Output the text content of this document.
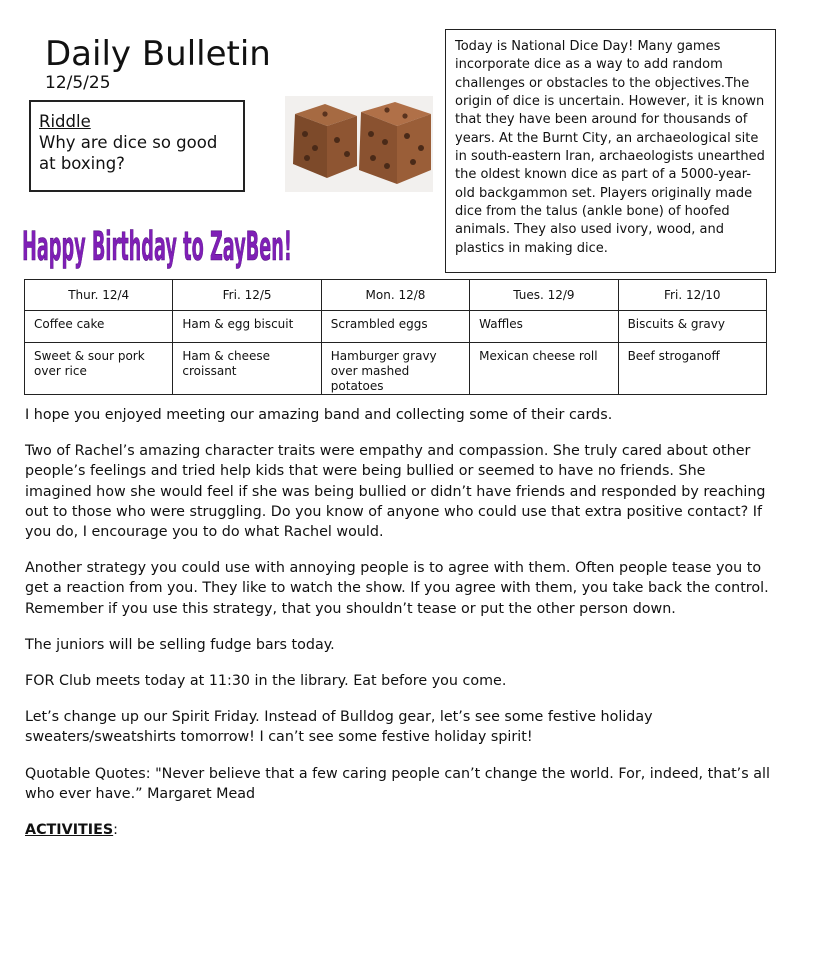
Daily Bulletin
12/5/25
Riddle
Why are dice so good at boxing?
Happy Birthday to ZayBen!
Today is National Dice Day! Many games incorporate dice as a way to add random challenges or obstacles to the objectives.The origin of dice is uncertain. However, it is known that they have been around for thousands of years. At the Burnt City, an archaeological site in south-eastern Iran, archaeologists unearthed the oldest known dice as part of a 5000-year-old backgammon set. Players originally made dice from the talus (ankle bone) of hoofed animals. They also used ivory, wood, and plastics in making dice.
Thur. 12/4	Fri. 12/5	Mon. 12/8	Tues. 12/9	Fri. 12/10
Coffee cake	Ham & egg biscuit	Scrambled eggs	Waffles	Biscuits & gravy
Sweet & sour pork over rice	Ham & cheese croissant	Hamburger gravy over mashed potatoes	Mexican cheese roll	Beef stroganoff

I hope you enjoyed meeting our amazing band and collecting some of their cards.

Two of Rachel’s amazing character traits were empathy and compassion. She truly cared about other people’s feelings and tried help kids that were being bullied or seemed to have no friends. She imagined how she would feel if she was being bullied or didn’t have friends and responded by reaching out to those who were struggling. Do you know of anyone who could use that extra positive contact? If you do, I encourage you to do what Rachel would.

Another strategy you could use with annoying people is to agree with them. Often people tease you to get a reaction from you. They like to watch the show. If you agree with them, you take back the control. Remember if you use this strategy, that you shouldn’t tease or put the other person down.

The juniors will be selling fudge bars today.

FOR Club meets today at 11:30 in the library. Eat before you come.

Let’s change up our Spirit Friday. Instead of Bulldog gear, let’s see some festive holiday sweaters/sweatshirts tomorrow! I can’t see some festive holiday spirit!

Quotable Quotes: "Never believe that a few caring people can’t change the world. For, indeed, that’s all who ever have.” Margaret Mead

ACTIVITIES:
